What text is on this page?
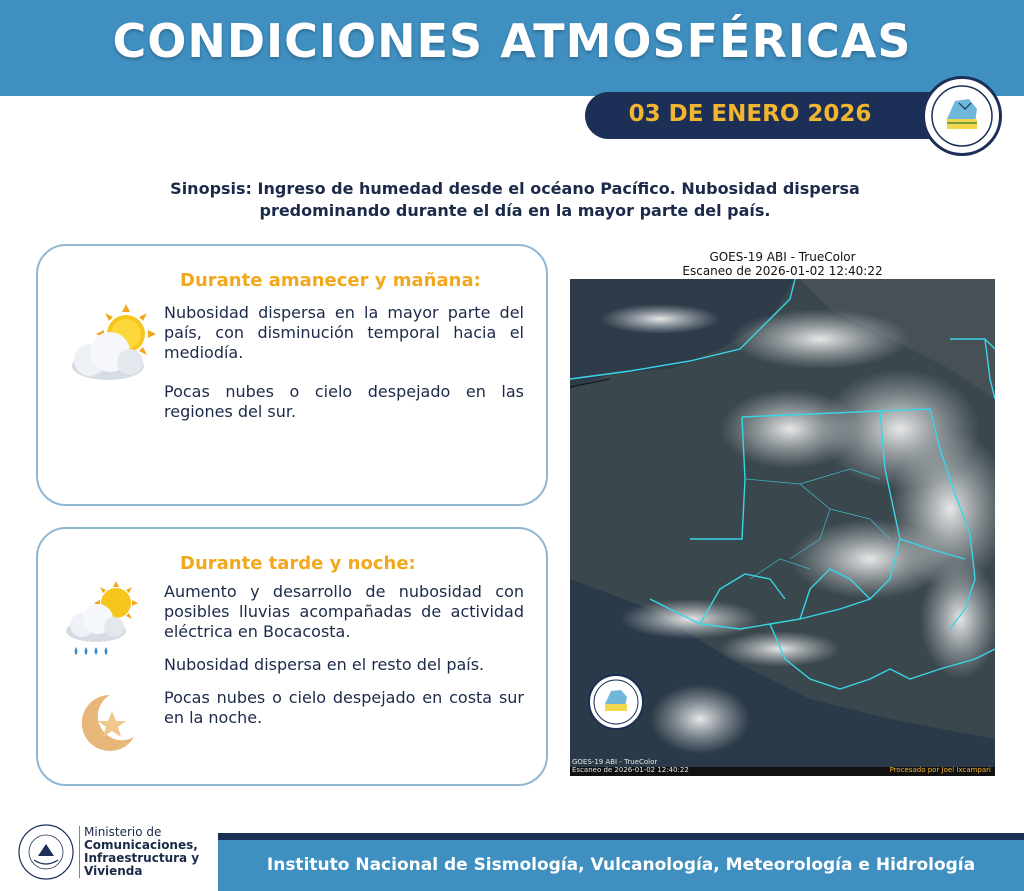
CONDICIONES ATMOSFÉRICAS
03 DE ENERO 2026
Sinopsis: Ingreso de humedad desde el océano Pacífico. Nubosidad dispersa predominando durante el día en la mayor parte del país.
Durante amanecer y mañana:
Nubosidad dispersa en la mayor parte del país, con disminución temporal hacia el mediodía.
Pocas nubes o cielo despejado en las regiones del sur.
Durante tarde y noche:
Aumento y desarrollo de nubosidad con posibles lluvias acompañadas de actividad eléctrica en Bocacosta.
Nubosidad dispersa en el resto del país.
Pocas nubes o cielo despejado en costa sur en la noche.
GOES-19 ABI - TrueColor
Escaneo de 2026-01-02 12:40:22
GOES-19 ABI - TrueColor
Escaneo de 2026-01-02 12:40:22	Procesado por Joel Ixcampari
Ministerio de
Comunicaciones,
Infraestructura y
Vivienda	Instituto Nacional de Sismología, Vulcanología, Meteorología e Hidrología
